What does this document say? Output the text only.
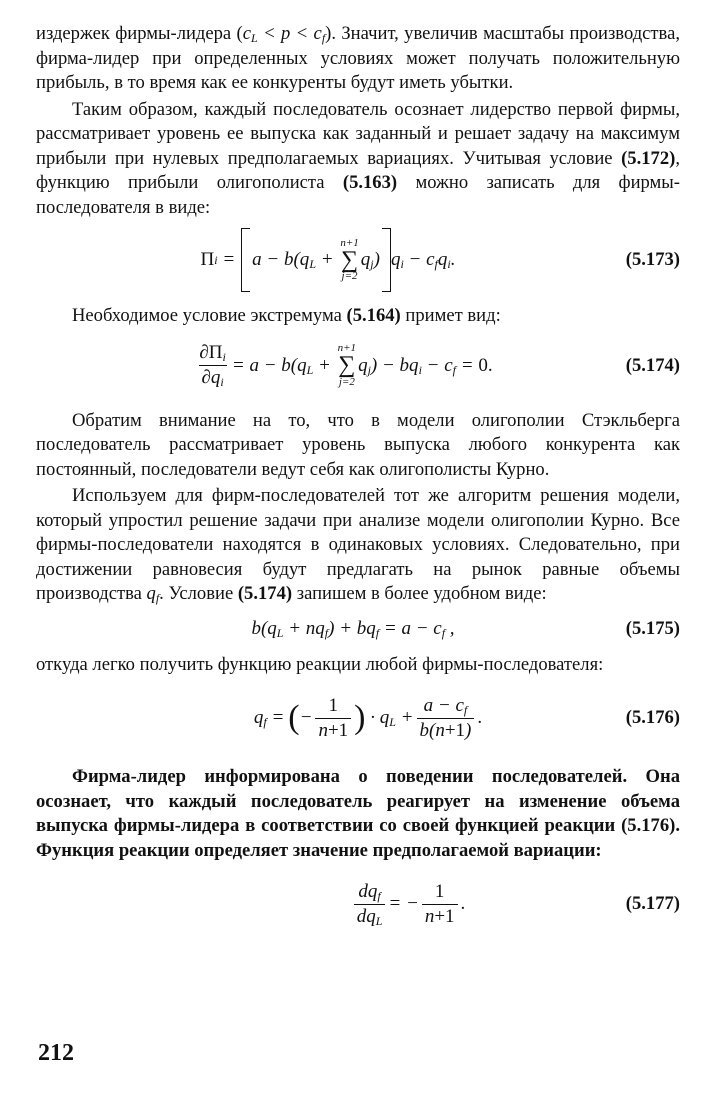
издержек фирмы-лидера $(c_L < p < c_f)$. Значит, увеличив масштабы производства, фирма-лидер при определенных условиях может получать положительную прибыль, в то время как ее конкуренты будут иметь убытки.

Таким образом, каждый последователь осознает лидерство первой фирмы, рассматривает уровень ее выпуска как заданный и решает задачу на максимум прибыли при нулевых предполагаемых вариациях. Учитывая условие (5.172), функцию прибыли олигополиста (5.163) можно записать для фирмы-последователя в виде:

Π $i = a - b(q_L$ +
n+1
∑
j=2
$q_j$) $q_i - c_fq_i$.	(5.173)

Необходимое условие экстремума (5.164) примет вид:

$\frac{\partial\Pi_i}{\partial q_i} = a - b(q_L$ +
n+1
∑
j=2
$q_j) - bq_i - c_f = 0$.	(5.174)

Обратим внимание на то, что в модели олигополии Стэкльберга последователь рассматривает уровень выпуска любого конкурента как постоянный, последователи ведут себя как олигополисты Курно.

Используем для фирм-последователей тот же алгоритм решения модели, который упростил решение задачи при анализе модели олигополии Курно. Все фирмы-последователи находятся в одинаковых условиях. Следовательно, при достижении равновесия будут предлагать на рынок равные объемы производства $q_f$. Условие (5.174) запишем в более удобном виде:

$b(q_L + nq_f) + bq_f = a - c_f$ ,	(5.175)

откуда легко получить функцию реакции любой фирмы-последователя:

$q_f$ = ( − $\frac{1}{n+1}$ ) · $q_L + \frac{a - c_f}{b(n+1)}$ .	(5.176)

Фирма-лидер информирована о поведении последователей. Она осознает, что каждый последователь реагирует на изменение объема выпуска фирмы-лидера в соответствии со своей функцией реакции (5.176). Функция реакции определяет значение предполагаемой вариации:

$\frac{dq_f}{dq_L}$ = − $\frac{1}{n+1}$ .	(5.177)
212
